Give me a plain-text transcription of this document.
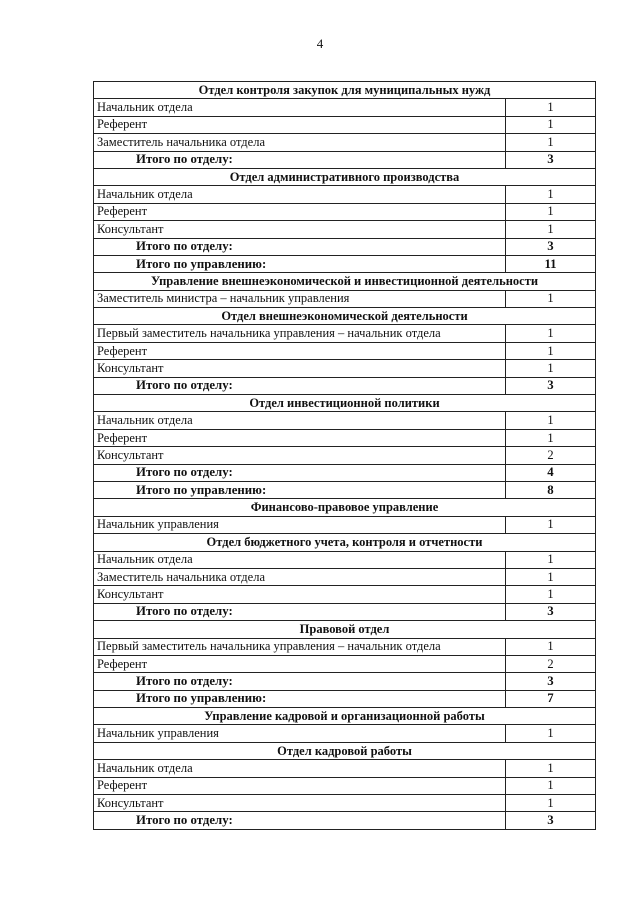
4
Отдел контроля закупок для муниципальных нужд	
Начальник отдела	1
Референт	1
Заместитель начальника отдела	1
Итого по отделу:	3
Отдел административного производства	
Начальник отдела	1
Референт	1
Консультант	1
Итого по отделу:	3
Итого по управлению:	11
Управление внешнеэкономической и инвестиционной деятельности	
Заместитель министра – начальник управления	1
Отдел внешнеэкономической деятельности	
Первый заместитель начальника управления – начальник отдела	1
Референт	1
Консультант	1
Итого по отделу:	3
Отдел инвестиционной политики	
Начальник отдела	1
Референт	1
Консультант	2
Итого по отделу:	4
Итого по управлению:	8
Финансово-правовое управление	
Начальник управления	1
Отдел бюджетного учета, контроля и отчетности	
Начальник отдела	1
Заместитель начальника отдела	1
Консультант	1
Итого по отделу:	3
Правовой отдел	
Первый заместитель начальника управления – начальник отдела	1
Референт	2
Итого по отделу:	3
Итого по управлению:	7
Управление кадровой и организационной работы	
Начальник управления	1
Отдел кадровой работы	
Начальник отдела	1
Референт	1
Консультант	1
Итого по отделу:	3
